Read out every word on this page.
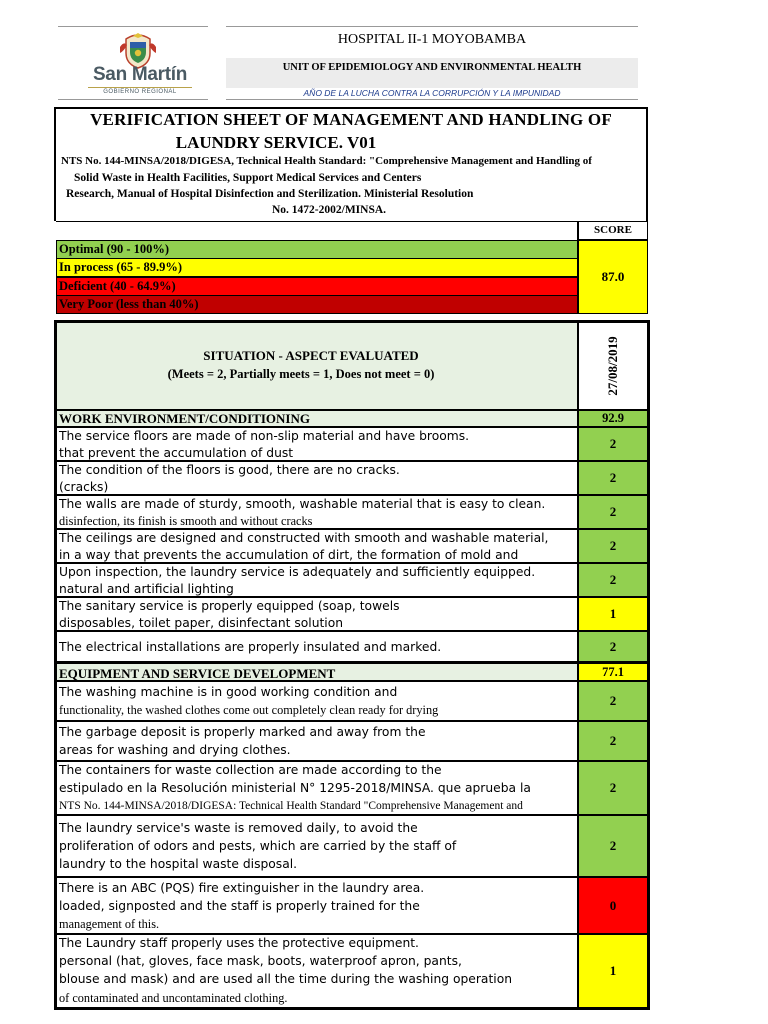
San Martín
GOBIERNO REGIONAL
HOSPITAL II-1 MOYOBAMBA
UNIT OF EPIDEMIOLOGY AND ENVIRONMENTAL HEALTH
AÑO DE LA LUCHA CONTRA LA CORRUPCIÓN Y LA IMPUNIDAD
VERIFICATION SHEET OF MANAGEMENT AND HANDLING OF
LAUNDRY SERVICE. V01
NTS No. 144-MINSA/2018/DIGESA, Technical Health Standard: "Comprehensive Management and Handling of
Solid Waste in Health Facilities, Support Medical Services and Centers
Research, Manual of Hospital Disinfection and Sterilization. Ministerial Resolution
No. 1472-2002/MINSA.
SCORE
Optimal (90 - 100%)
In process (65 - 89.9%)
Deficient (40 - 64.9%)
Very Poor (less than 40%)
87.0
SITUATION - ASPECT EVALUATED
(Meets = 2, Partially meets = 1, Does not meet = 0)	27/08/2019
WORK ENVIRONMENT/CONDITIONING	92.9
The service floors are made of non-slip material and have brooms.
that prevent the accumulation of dust
2
The condition of the floors is good, there are no cracks.
(cracks)
2
The walls are made of sturdy, smooth, washable material that is easy to clean.
disinfection, its finish is smooth and without cracks
2
The ceilings are designed and constructed with smooth and washable material,
in a way that prevents the accumulation of dirt, the formation of mold and
2
Upon inspection, the laundry service is adequately and sufficiently equipped.
natural and artificial lighting
2
The sanitary service is properly equipped (soap, towels
disposables, toilet paper, disinfectant solution
1
The electrical installations are properly insulated and marked.	2
EQUIPMENT AND SERVICE DEVELOPMENT	77.1
The washing machine is in good working condition and
functionality, the washed clothes come out completely clean ready for drying
2
The garbage deposit is properly marked and away from the
areas for washing and drying clothes.
2
The containers for waste collection are made according to the
estipulado en la Resolución ministerial N° 1295-2018/MINSA. que aprueba la
NTS No. 144-MINSA/2018/DIGESA: Technical Health Standard "Comprehensive Management and
2
The laundry service's waste is removed daily, to avoid the
proliferation of odors and pests, which are carried by the staff of
laundry to the hospital waste disposal.
2
There is an ABC (PQS) fire extinguisher in the laundry area.
loaded, signposted and the staff is properly trained for the
management of this.
0
The Laundry staff properly uses the protective equipment.
personal (hat, gloves, face mask, boots, waterproof apron, pants,
blouse and mask) and are used all the time during the washing operation
of contaminated and uncontaminated clothing.
1
